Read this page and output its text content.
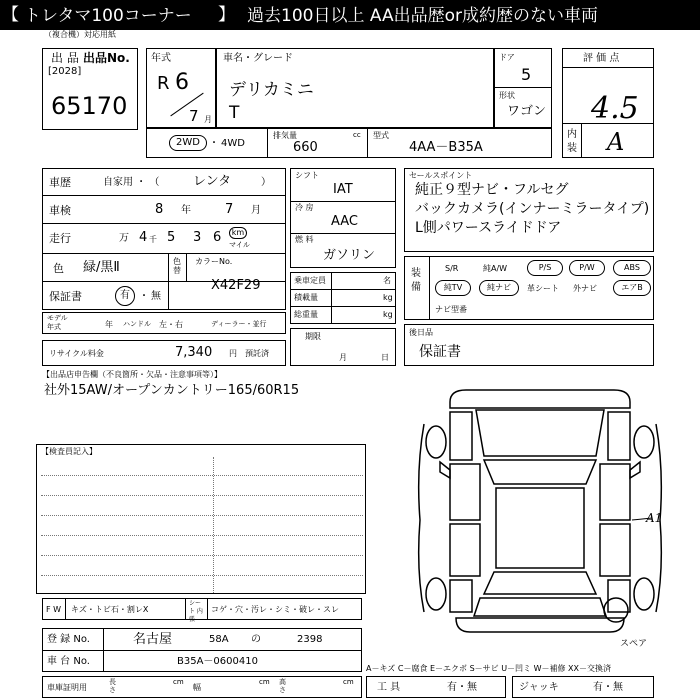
【 トレタマ100コーナー 】 過去100日以上 AA出品歴or成約歴のない車両
（複合機）対応用紙
出 品 出品No.
[2028]
65170
年式
R 6
7 月
車名・グレード
デリカミニ
T
ドア
5
形状
ワゴン
評 価 点
4.5
内
装 A
2WD ・ 4WD
排気量	cc
660
型式
4AA－B35A
車歴	自家用 ・ （	レンタ	）
車検	8 年	7 月
走行	万 4 千 5 3 6	km
マイル
色 緑/黒Ⅱ	色替
カラーNo.
X42F29
保証書	有 ・ 無
モデル年式	年 ハンドル 左・右	ディーラー・並行
リサイクル料金	7,340 円 預託済
シフト
IAT
冷 房
AAC
燃 料
ガソリン
乗車定員	名
積載量	kg
総重量	kg
期限
月	日
セールスポイント
純正９型ナビ・フルセグ
バックカメラ(インナーミラータイプ)
L側パワースライドドア
装備
S/R	純A/W	P/S	P/W	ABS
純TV	純ナビ	革シート 外ナビ	エアB
ナビ型番
後日品
保証書
【出品店申告欄（不良箇所・欠品・注意事項等）】
社外15AW/オープンカントリー165/60R15
【検査員記入】
F W キズ・トビ石・割レX
シート 内張
コゲ・穴・汚レ・シミ・破レ・スレ
登 録 No.	名古屋	58A の	2398
車 台 No.	B35A－0600410
車庫証明用
長さ
cm
幅
cm 高さ
cm
A－キズ C－腐食 E－エクボ S－サビ U－凹ミ W－補修 XX－交換済
工 具	有・無	ジャッキ	有・無
A1
スペア
